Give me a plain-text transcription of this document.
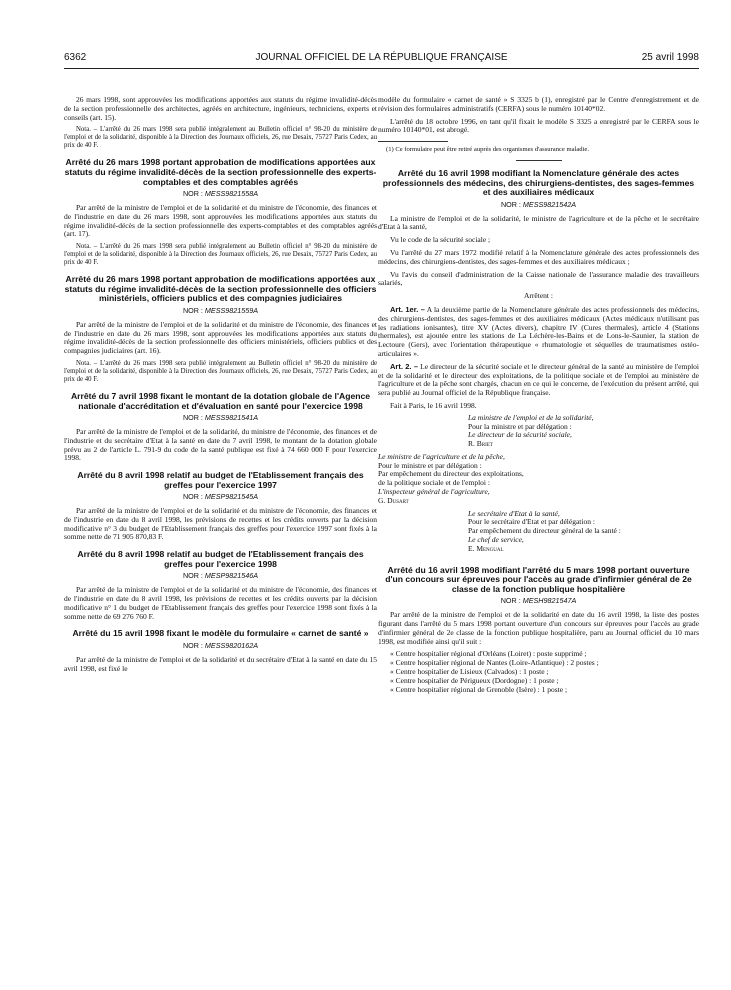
6362	JOURNAL OFFICIEL DE LA RÉPUBLIQUE FRANÇAISE	25 avril 1998

26 mars 1998, sont approuvées les modifications apportées aux statuts du régime invalidité-décès de la section professionnelle des architectes, agréés en architecture, ingénieurs, techniciens, experts et conseils (art. 15).

Nota. – L'arrêté du 26 mars 1998 sera publié intégralement au Bulletin officiel n° 98-20 du ministère de l'emploi et de la solidarité, disponible à la Direction des Journaux officiels, 26, rue Desaix, 75727 Paris Cedex, au prix de 40 F.

Arrêté du 26 mars 1998 portant approbation de modifications apportées aux statuts du régime invalidité-décès de la section professionnelle des experts-comptables et des comptables agréés
NOR : MESS9821558A

Par arrêté de la ministre de l'emploi et de la solidarité et du ministre de l'économie, des finances et de l'industrie en date du 26 mars 1998, sont approuvées les modifications apportées aux statuts du régime invalidité-décès de la section professionnelle des experts-comptables et des comptables agréés (art. 17).

Nota. – L'arrêté du 26 mars 1998 sera publié intégralement au Bulletin officiel n° 98-20 du ministère de l'emploi et de la solidarité, disponible à la Direction des Journaux officiels, 26, rue Desaix, 75727 Paris Cedex, au prix de 40 F.

Arrêté du 26 mars 1998 portant approbation de modifications apportées aux statuts du régime invalidité-décès de la section professionnelle des officiers ministériels, officiers publics et des compagnies judiciaires
NOR : MESS9821559A

Par arrêté de la ministre de l'emploi et de la solidarité et du ministre de l'économie, des finances et de l'industrie en date du 26 mars 1998, sont approuvées les modifications apportées aux statuts du régime invalidité-décès de la section professionnelle des officiers ministériels, officiers publics et des compagnies judiciaires (art. 16).

Nota. – L'arrêté du 26 mars 1998 sera publié intégralement au Bulletin officiel n° 98-20 du ministère de l'emploi et de la solidarité, disponible à la Direction des Journaux officiels, 26, rue Desaix, 75727 Paris Cedex, au prix de 40 F.

Arrêté du 7 avril 1998 fixant le montant de la dotation globale de l'Agence nationale d'accréditation et d'évaluation en santé pour l'exercice 1998
NOR : MESS9821541A

Par arrêté de la ministre de l'emploi et de la solidarité, du ministre de l'économie, des finances et de l'industrie et du secrétaire d'Etat à la santé en date du 7 avril 1998, le montant de la dotation globale prévu au 2 de l'article L. 791-9 du code de la santé publique est fixé à 74 660 000 F pour l'exercice 1998.

Arrêté du 8 avril 1998 relatif au budget de l'Etablissement français des greffes pour l'exercice 1997
NOR : MESP9821545A

Par arrêté de la ministre de l'emploi et de la solidarité et du ministre de l'économie, des finances et de l'industrie en date du 8 avril 1998, les prévisions de recettes et les crédits ouverts par la décision modificative n° 3 du budget de l'Etablissement français des greffes pour l'exercice 1997 sont fixés à la somme nette de 71 905 870,83 F.

Arrêté du 8 avril 1998 relatif au budget de l'Etablissement français des greffes pour l'exercice 1998
NOR : MESP9821546A

Par arrêté de la ministre de l'emploi et de la solidarité et du ministre de l'économie, des finances et de l'industrie en date du 8 avril 1998, les prévisions de recettes et les crédits ouverts par la décision modificative n° 1 du budget de l'Etablissement français des greffes pour l'exercice 1998 sont fixés à la somme nette de 69 276 760 F.

Arrêté du 15 avril 1998 fixant le modèle du formulaire « carnet de santé »
NOR : MESS9820162A

Par arrêté de la ministre de l'emploi et de la solidarité et du secrétaire d'Etat à la santé en date du 15 avril 1998, est fixé le

modèle du formulaire « carnet de santé » S 3325 b (1), enregistré par le Centre d'enregistrement et de révision des formulaires administratifs (CERFA) sous le numéro 10140*02.

L'arrêté du 18 octobre 1996, en tant qu'il fixait le modèle S 3325 a enregistré par le CERFA sous le numéro 10140*01, est abrogé.

(1) Ce formulaire peut être retiré auprès des organismes d'assurance maladie.

Arrêté du 16 avril 1998 modifiant la Nomenclature générale des actes professionnels des médecins, des chirurgiens-dentistes, des sages-femmes et des auxiliaires médicaux
NOR : MESS9821542A

La ministre de l'emploi et de la solidarité, le ministre de l'agriculture et de la pêche et le secrétaire d'Etat à la santé,

Vu le code de la sécurité sociale ;

Vu l'arrêté du 27 mars 1972 modifié relatif à la Nomenclature générale des actes professionnels des médecins, des chirurgiens-dentistes, des sages-femmes et des auxiliaires médicaux ;

Vu l'avis du conseil d'administration de la Caisse nationale de l'assurance maladie des travailleurs salariés,

Arrêtent :

Art. 1er. – A la deuxième partie de la Nomenclature générale des actes professionnels des médecins, des chirurgiens-dentistes, des sages-femmes et des auxiliaires médicaux (Actes médicaux n'utilisant pas les radiations ionisantes), titre XV (Actes divers), chapitre IV (Cures thermales), article 4 (Stations thermales), est ajoutée entre les stations de La Léchère-les-Bains et de Lons-le-Saunier, la station de Lectoure (Gers), avec l'orientation thérapeutique « rhumatologie et séquelles de traumatismes ostéo-articulaires ».

Art. 2. – Le directeur de la sécurité sociale et le directeur général de la santé au ministère de l'emploi et de la solidarité et le directeur des exploitations, de la politique sociale et de l'emploi au ministère de l'agriculture et de la pêche sont chargés, chacun en ce qui le concerne, de l'exécution du présent arrêté, qui sera publié au Journal officiel de la République française.

Fait à Paris, le 16 avril 1998.

La ministre de l'emploi et de la solidarité,

Pour la ministre et par délégation :

Le directeur de la sécurité sociale,

R. Briet

Le ministre de l'agriculture et de la pêche,

Pour le ministre et par délégation :

Par empêchement du directeur des exploitations,

de la politique sociale et de l'emploi :

L'inspecteur général de l'agriculture,

G. Dusart

Le secrétaire d'Etat à la santé,

Pour le secrétaire d'Etat et par délégation :

Par empêchement du directeur général de la santé :

Le chef de service,

E. Mengual

Arrêté du 16 avril 1998 modifiant l'arrêté du 5 mars 1998 portant ouverture d'un concours sur épreuves pour l'accès au grade d'infirmier général de 2e classe de la fonction publique hospitalière
NOR : MESH9821547A

Par arrêté de la ministre de l'emploi et de la solidarité en date du 16 avril 1998, la liste des postes figurant dans l'arrêté du 5 mars 1998 portant ouverture d'un concours sur épreuves pour l'accès au grade d'infirmier général de 2e classe de la fonction publique hospitalière, paru au Journal officiel du 10 mars 1998, est modifiée ainsi qu'il suit :

« Centre hospitalier régional d'Orléans (Loiret) : poste supprimé ;

« Centre hospitalier régional de Nantes (Loire-Atlantique) : 2 postes ;

« Centre hospitalier de Lisieux (Calvados) : 1 poste ;

« Centre hospitalier de Périgueux (Dordogne) : 1 poste ;

« Centre hospitalier régional de Grenoble (Isère) : 1 poste ;
